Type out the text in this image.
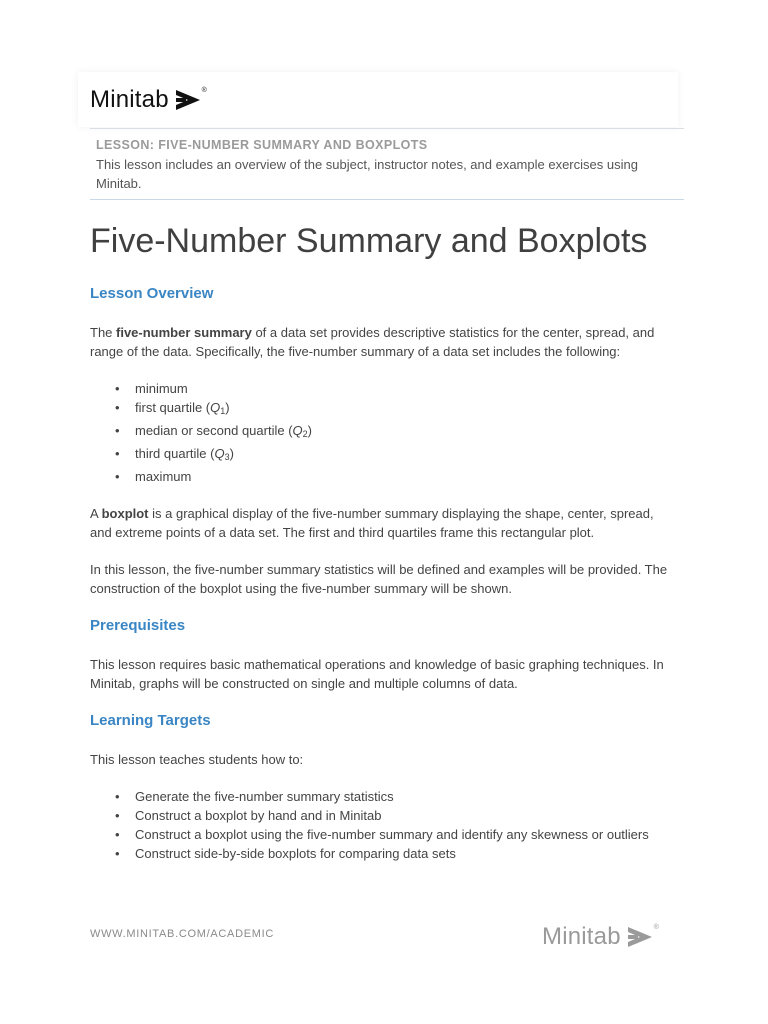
Minitab	®
LESSON: FIVE-NUMBER SUMMARY AND BOXPLOTS
This lesson includes an overview of the subject, instructor notes, and example exercises using Minitab.
Five-Number Summary and Boxplots
Lesson Overview

The five-number summary of a data set provides descriptive statistics for the center, spread, and range of the data. Specifically, the five-number summary of a data set includes the following:

• minimum
• first quartile $(Q_1)$
• median or second quartile $(Q_2)$
• third quartile $(Q_3)$
• maximum

A boxplot is a graphical display of the five-number summary displaying the shape, center, spread, and extreme points of a data set. The first and third quartiles frame this rectangular plot.

In this lesson, the five-number summary statistics will be defined and examples will be provided. The construction of the boxplot using the five-number summary will be shown.

Prerequisites

This lesson requires basic mathematical operations and knowledge of basic graphing techniques. In Minitab, graphs will be constructed on single and multiple columns of data.

Learning Targets

This lesson teaches students how to:

• Generate the five-number summary statistics
• Construct a boxplot by hand and in Minitab
• Construct a boxplot using the five-number summary and identify any skewness or outliers
• Construct side-by-side boxplots for comparing data sets
WWW.MINITAB.COM/ACADEMIC	Minitab	®
